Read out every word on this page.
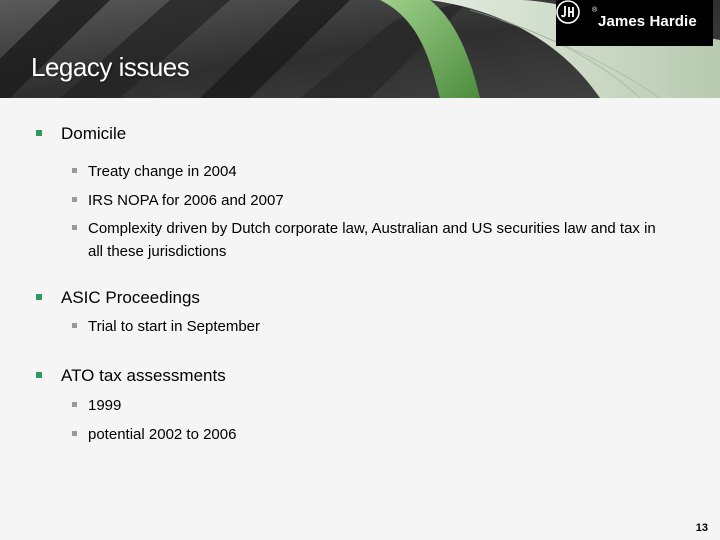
®
James Hardie
Legacy issues
Domicile
Treaty change in 2004
IRS NOPA for 2006 and 2007
Complexity driven by Dutch corporate law, Australian and US securities law and tax in all these jurisdictions
ASIC Proceedings
Trial to start in September
ATO tax assessments
1999
potential 2002 to 2006
13
